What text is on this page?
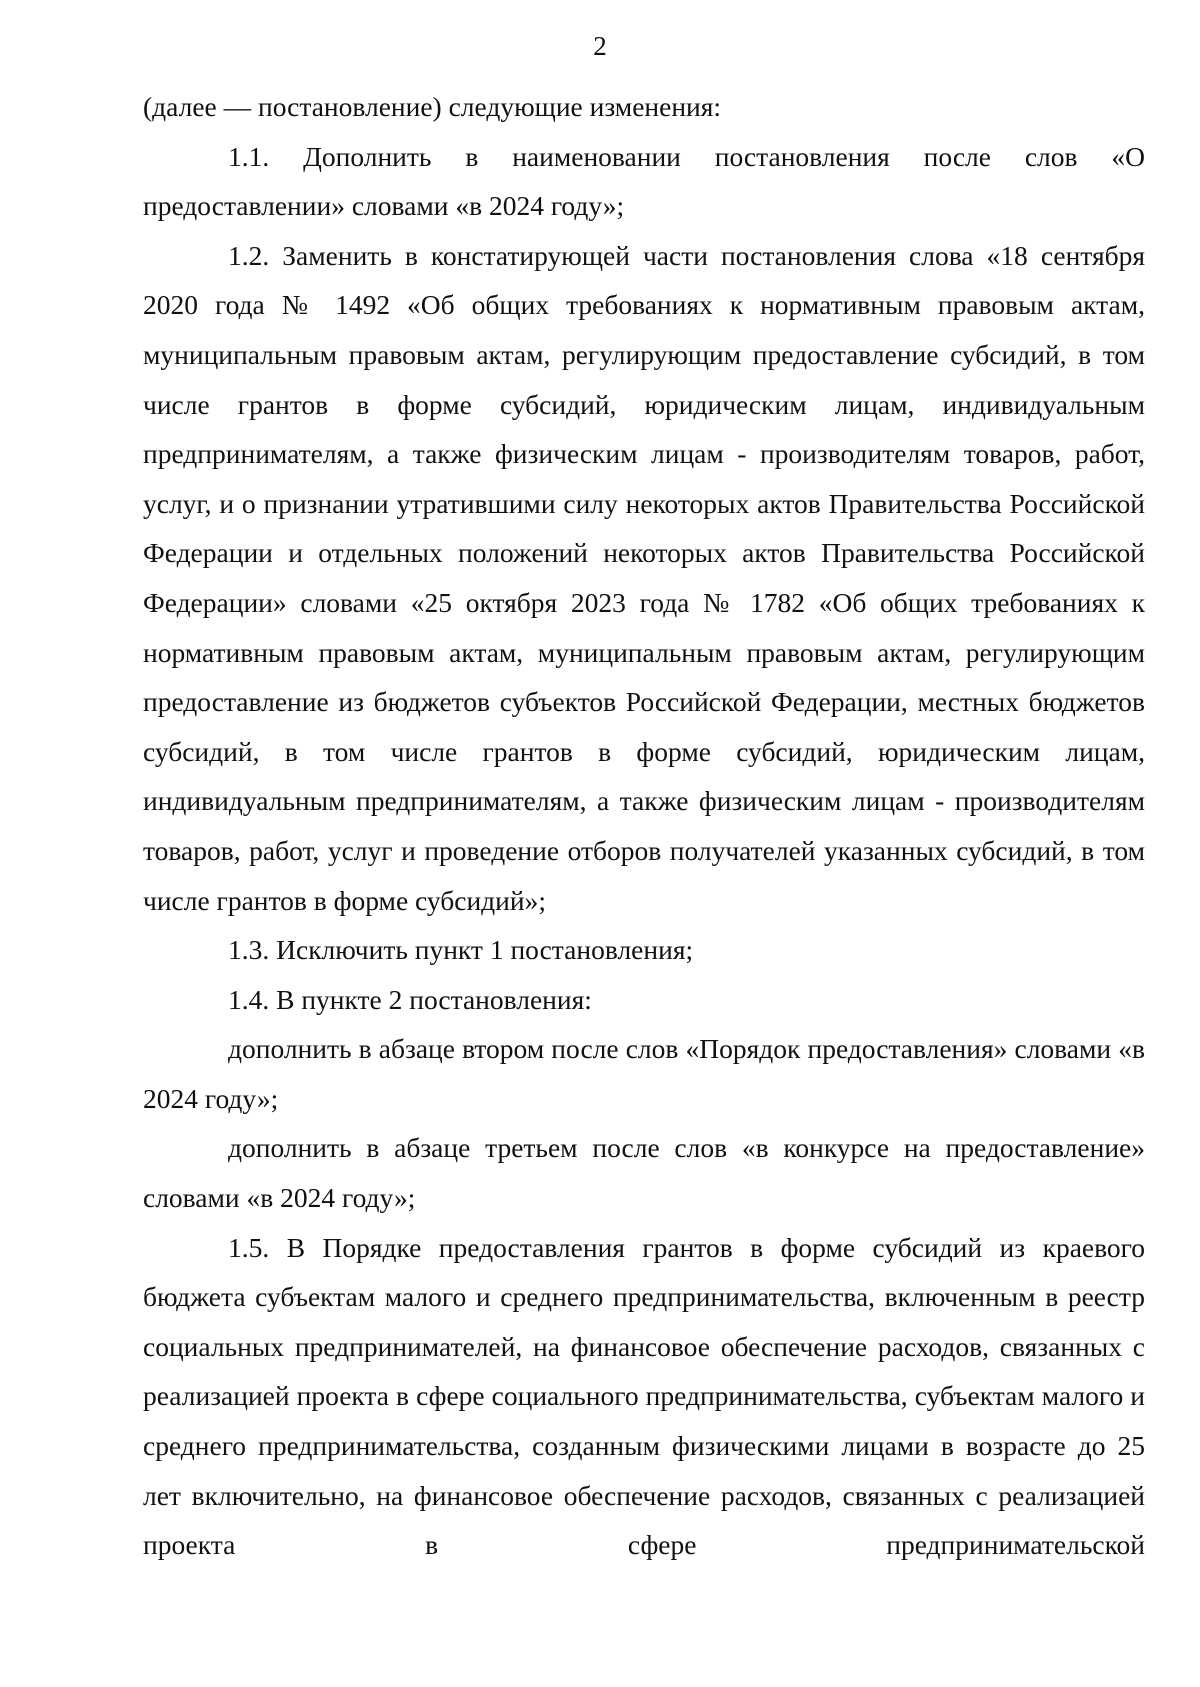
2

(далее — постановление) следующие изменения:

1.1. Дополнить в наименовании постановления после слов «О предоставлении» словами «в 2024 году»;

1.2. Заменить в констатирующей части постановления слова «18 сентября 2020 года № 1492 «Об общих требованиях к нормативным правовым актам, муниципальным правовым актам, регулирующим предоставление субсидий, в том числе грантов в форме субсидий, юридическим лицам, индивидуальным предпринимателям, а также физическим лицам - производителям товаров, работ, услуг, и о признании утратившими силу некоторых актов Правительства Российской Федерации и отдельных положений некоторых актов Правительства Российской Федерации» словами «25 октября 2023 года № 1782 «Об общих требованиях к нормативным правовым актам, муниципальным правовым актам, регулирующим предоставление из бюджетов субъектов Российской Федерации, местных бюджетов субсидий, в том числе грантов в форме субсидий, юридическим лицам, индивидуальным предпринимателям, а также физическим лицам - производителям товаров, работ, услуг и проведение отборов получателей указанных субсидий, в том числе грантов в форме субсидий»;

1.3. Исключить пункт 1 постановления;

1.4. В пункте 2 постановления:

дополнить в абзаце втором после слов «Порядок предоставления» словами «в 2024 году»;

дополнить в абзаце третьем после слов «в конкурсе на предоставление» словами «в 2024 году»;

1.5. В Порядке предоставления грантов в форме субсидий из краевого бюджета субъектам малого и среднего предпринимательства, включенным в реестр социальных предпринимателей, на финансовое обеспечение расходов, связанных с реализацией проекта в сфере социального предпринимательства, субъектам малого и среднего предпринимательства, созданным физическими лицами в возрасте до 25 лет включительно, на финансовое обеспечение расходов, связанных с реализацией проекта в сфере предпринимательской
